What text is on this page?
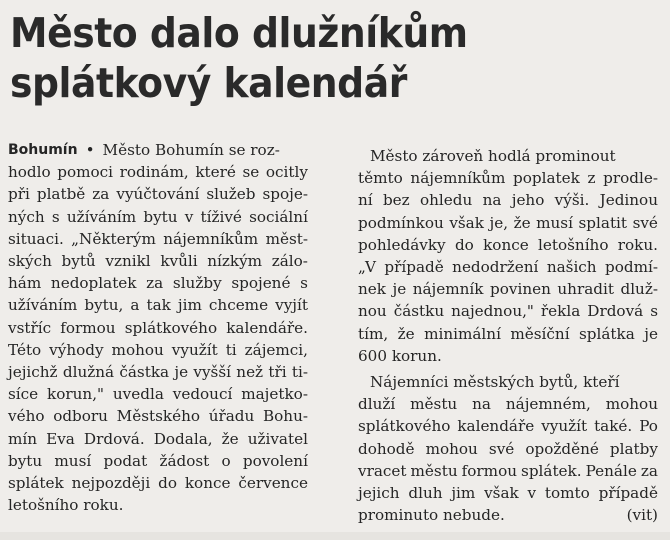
Město dalo dlužníkům
splátkový kalendář
Bohumín • Město Bohumín se roz-
hodlo pomoci rodinám, které se ocitly
při platbě za vyúčtování služeb spoje-
ných s užíváním bytu v tíživé sociální
situaci. „Některým nájemníkům měst-
ských bytů vznikl kvůli nízkým zálo-
hám nedoplatek za služby spojené s
užíváním bytu, a tak jim chceme vyjít
vstříc formou splátkového kalendáře.
Této výhody mohou využít ti zájemci,
jejichž dlužná částka je vyšší než tři ti-
síce korun," uvedla vedoucí majetko-
vého odboru Městského úřadu Bohu-
mín Eva Drdová. Dodala, že uživatel
bytu musí podat žádost o povolení
splátek nejpozději do konce července
letošního roku.
Město zároveň hodlá prominout
těmto nájemníkům poplatek z prodle-
ní bez ohledu na jeho výši. Jedinou
podmínkou však je, že musí splatit své
pohledávky do konce letošního roku.
„V případě nedodržení našich podmí-
nek je nájemník povinen uhradit dluž-
nou částku najednou," řekla Drdová s
tím, že minimální měsíční splátka je
600 korun.
Nájemníci městských bytů, kteří
dluží městu na nájemném, mohou
splátkového kalendáře využít také. Po
dohodě mohou své opožděné platby
vracet městu formou splátek. Penále za
jejich dluh jim však v tomto případě
prominuto nebude.	(vit)
